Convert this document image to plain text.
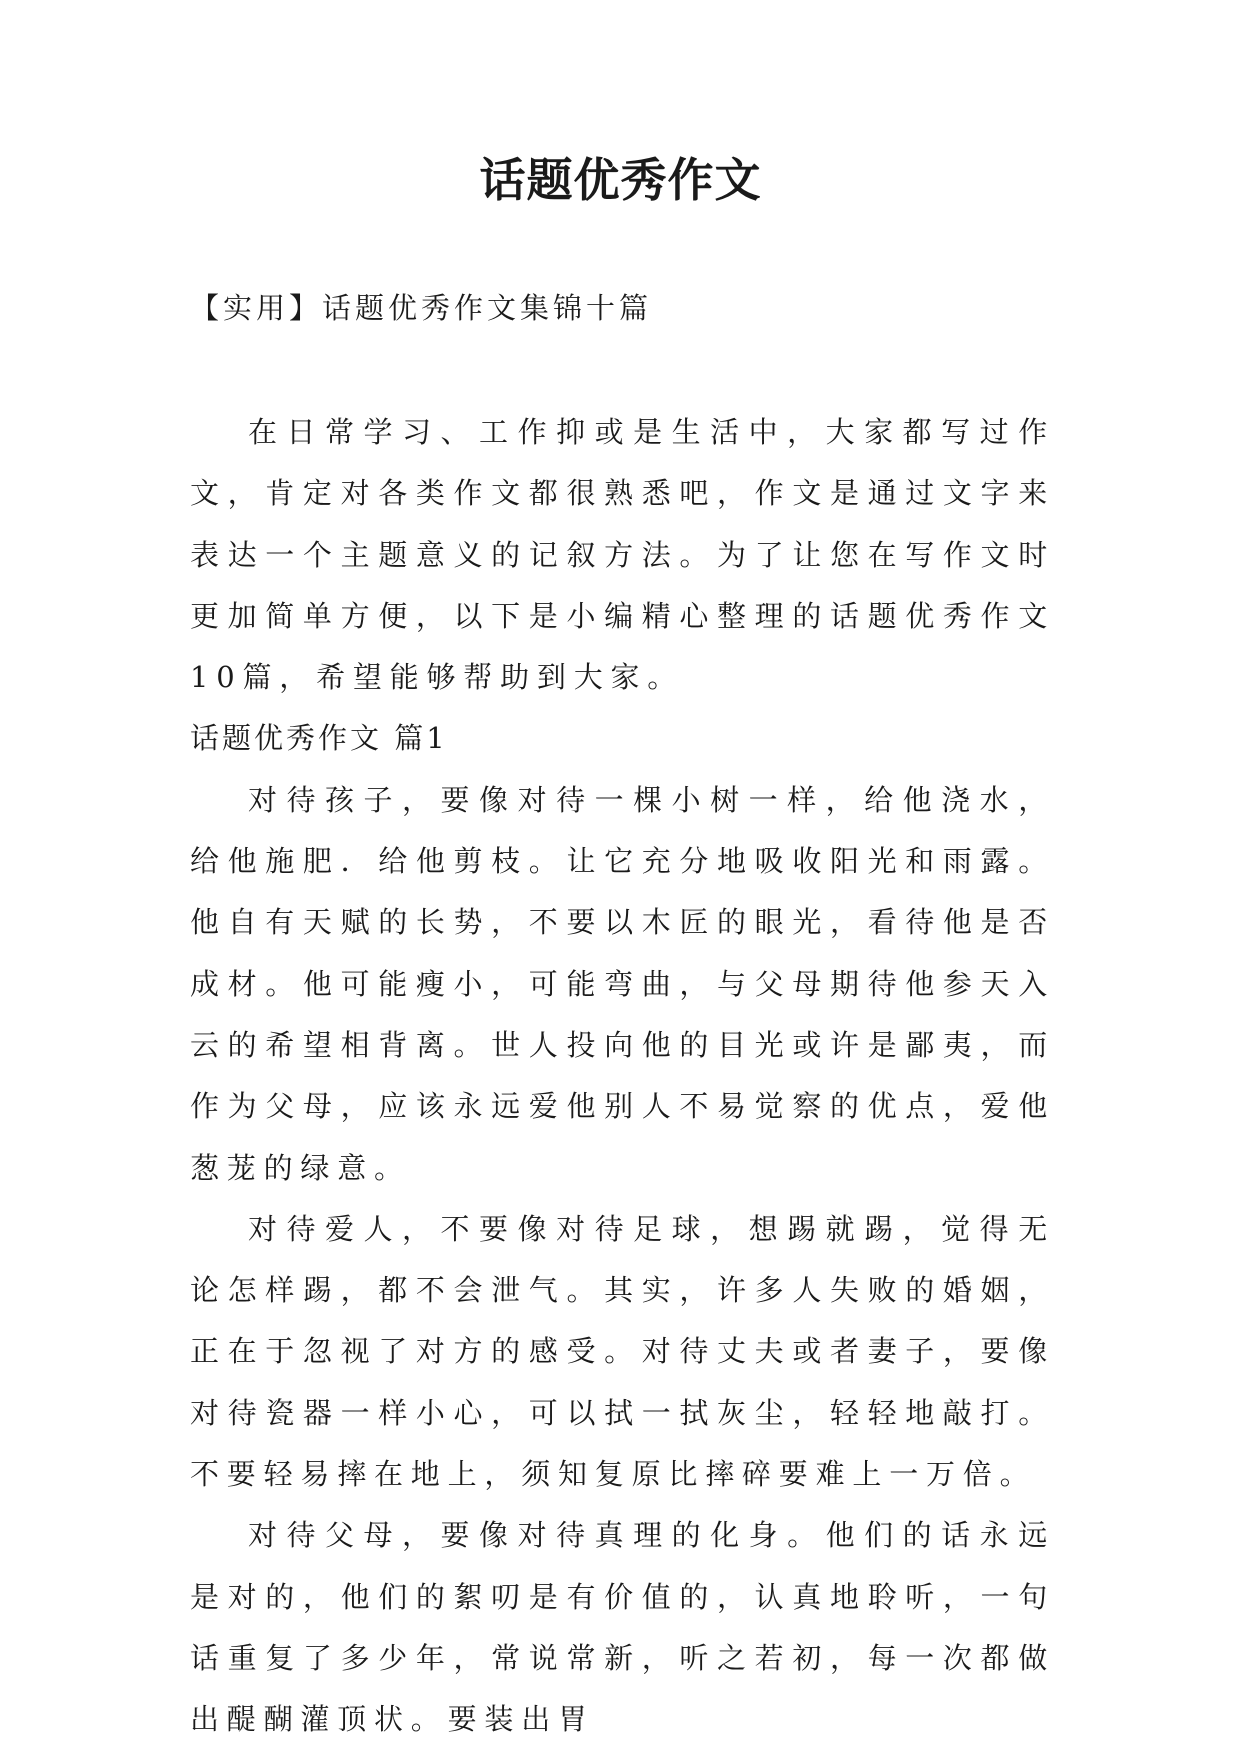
话题优秀作文
【实用】话题优秀作文集锦十篇

在日常学习、工作抑或是生活中，大家都写过作文，肯定对各类作文都很熟悉吧，作文是通过文字来表达一个主题意义的记叙方法。为了让您在写作文时更加简单方便，以下是小编精心整理的话题优秀作文10篇，希望能够帮助到大家。

话题优秀作文 篇1

对待孩子，要像对待一棵小树一样，给他浇水，给他施肥．给他剪枝。让它充分地吸收阳光和雨露。他自有天赋的长势，不要以木匠的眼光，看待他是否成材。他可能瘦小，可能弯曲，与父母期待他参天入云的希望相背离。世人投向他的目光或许是鄙夷，而作为父母，应该永远爱他别人不易觉察的优点，爱他葱茏的绿意。

对待爱人，不要像对待足球，想踢就踢，觉得无论怎样踢，都不会泄气。其实，许多人失败的婚姻，正在于忽视了对方的感受。对待丈夫或者妻子，要像对待瓷器一样小心，可以拭一拭灰尘，轻轻地敲打。不要轻易摔在地上，须知复原比摔碎要难上一万倍。

对待父母，要像对待真理的化身。他们的话永远是对的，他们的絮叨是有价值的，认真地聆听，一句话重复了多少年，常说常新，听之若初，每一次都做出醍醐灌顶状。要装出胃
